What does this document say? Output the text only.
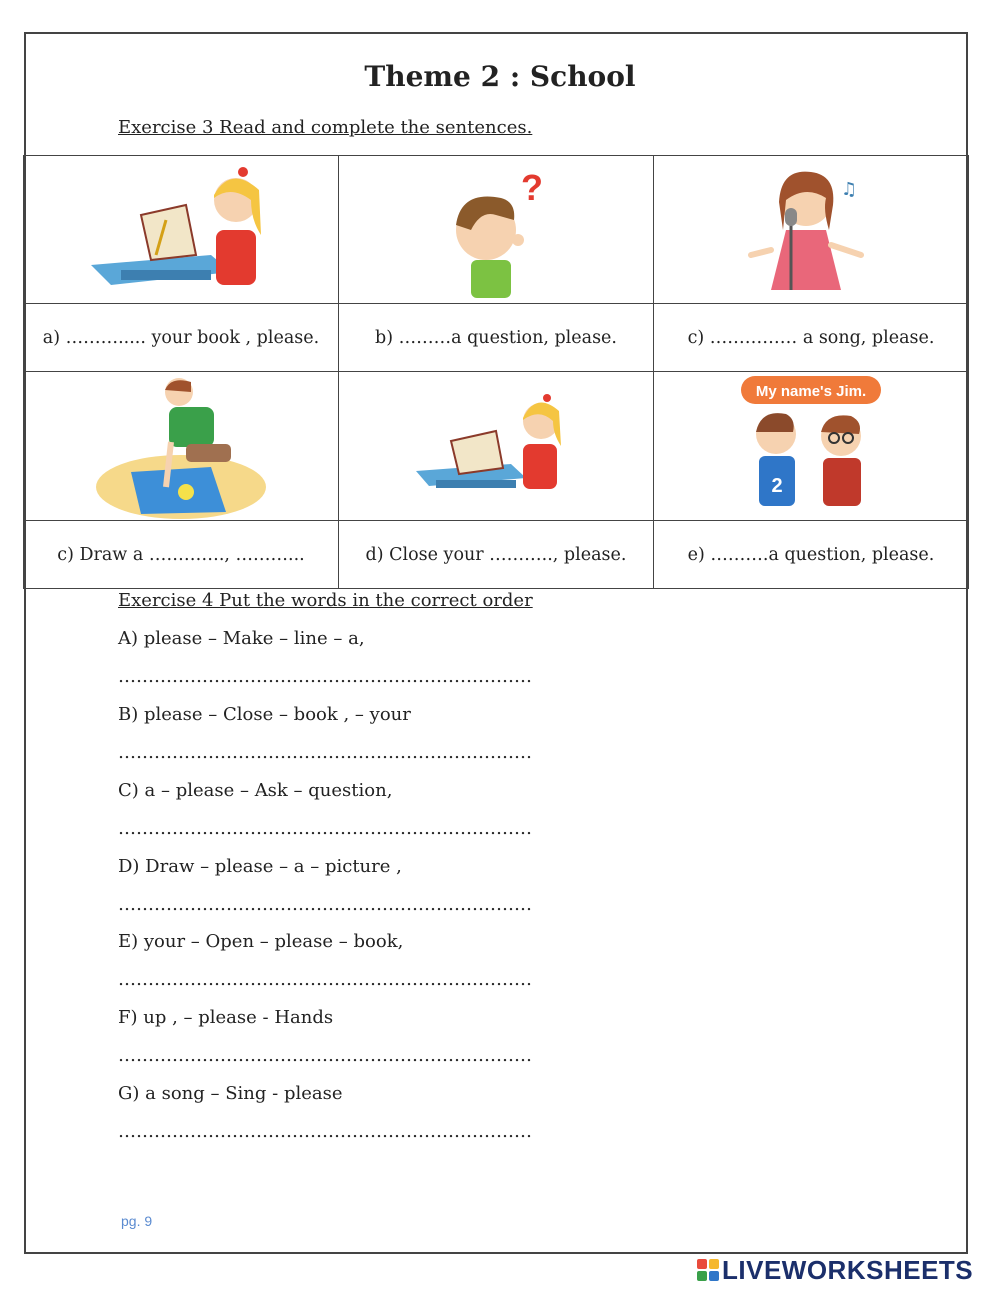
Theme 2 : School
Exercise 3 Read and complete the sentences.

?	♫

a) ………..... your book , please.	b) ………a question, please.	c) …………… a song, please.

My name's Jim.
2

c) Draw a …………., ………...	d) Close your ……….., please.	e) ……….a question, please.
Exercise 4 Put the words in the correct order
A) please – Make – line – a,
……………………………………………………………
B) please – Close – book , – your
……………………………………………………………
C) a – please – Ask – question,
……………………………………………………………
D) Draw – please – a – picture ,
……………………………………………………………
E) your – Open – please – book,
……………………………………………………………
F) up , – please - Hands
……………………………………………………………
G) a song – Sing - please
……………………………………………………………
pg. 9
LIVEWORKSHEETS
